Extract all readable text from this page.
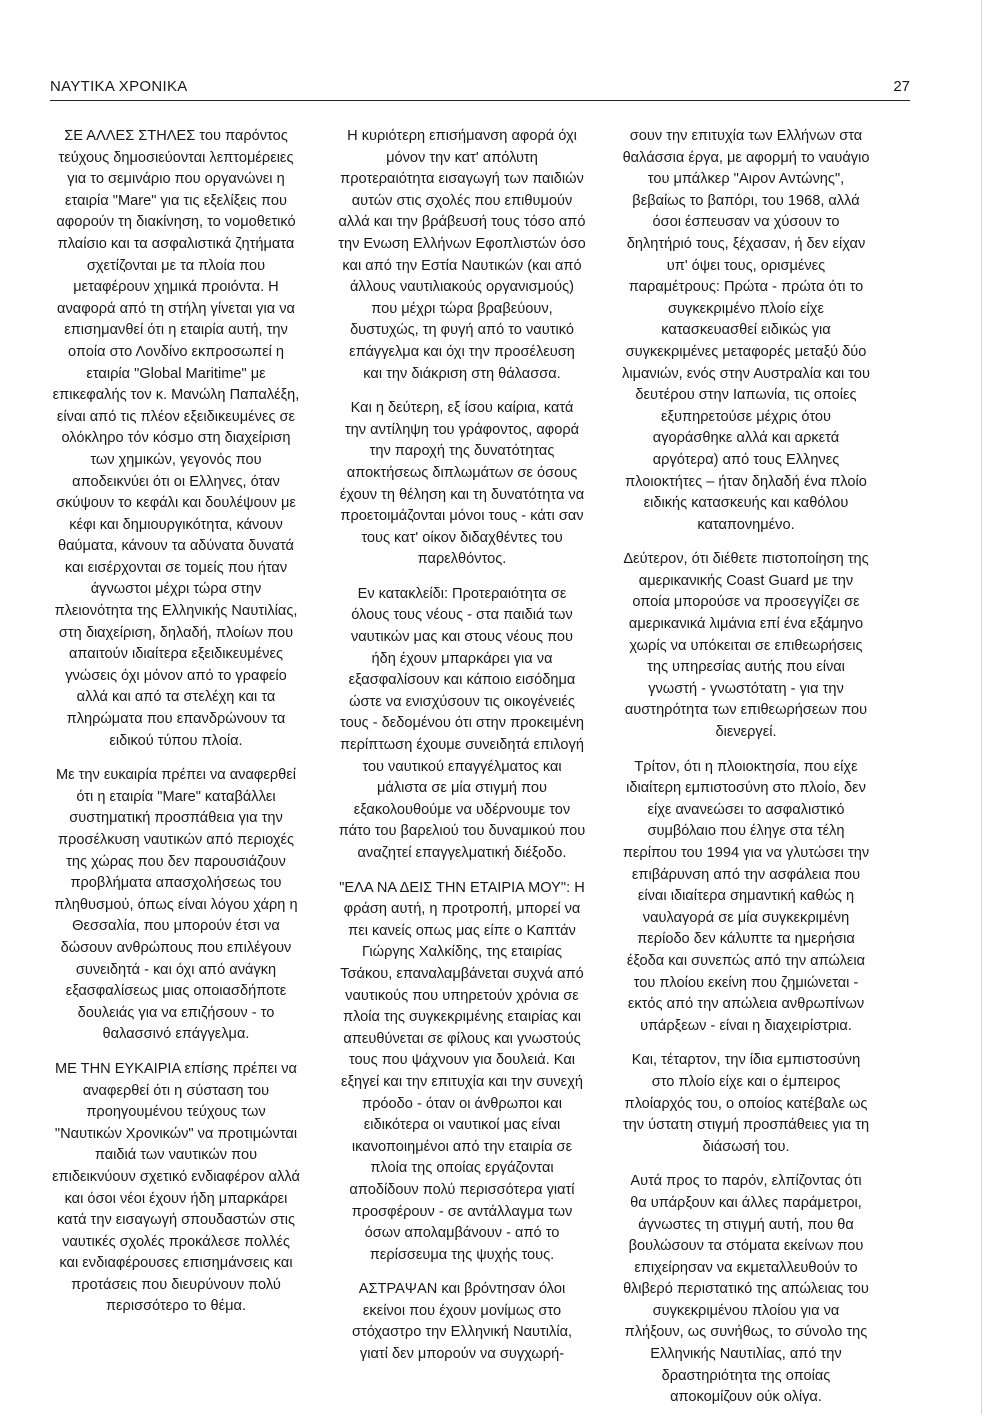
ΝΑΥΤΙΚΑ ΧΡΟΝΙΚΑ	27

ΣΕ ΑΛΛΕΣ ΣΤΗΛΕΣ του παρόντος τεύχους δημοσιεύονται λεπτομέρειες για το σεμινάριο που οργανώνει η εταιρία "Mare" για τις εξελίξεις που αφορούν τη διακίνηση, το νομοθετικό πλαίσιο και τα ασφαλιστικά ζητήματα σχετίζονται με τα πλοία που μεταφέρουν χημικά προιόντα. Η αναφορά από τη στήλη γίνεται για να επισημανθεί ότι η εταιρία αυτή, την οποία στο Λονδίνο εκπροσωπεί η εταιρία "Global Maritime" με επικεφαλής τον κ. Μανώλη Παπαλέξη, είναι από τις πλέον εξειδικευμένες σε ολόκληρο τόν κόσμο στη διαχείριση των χημικών, γεγονός που αποδεικνύει ότι οι Ελληνες, όταν σκύψουν το κεφάλι και δουλέψουν με κέφι και δημιουργικότητα, κάνουν θαύματα, κάνουν τα αδύνατα δυνατά και εισέρχονται σε τομείς που ήταν άγνωστοι μέχρι τώρα στην πλειονότητα της Ελληνικής Ναυτιλίας, στη διαχείριση, δηλαδή, πλοίων που απαιτούν ιδιαίτερα εξειδικευμένες γνώσεις όχι μόνον από το γραφείο αλλά και από τα στελέχη και τα πληρώματα που επανδρώνουν τα ειδικού τύπου πλοία.

Με την ευκαιρία πρέπει να αναφερθεί ότι η εταιρία "Mare" καταβάλλει συστηματική προσπάθεια για την προσέλκυση ναυτικών από περιοχές της χώρας που δεν παρουσιάζουν προβλήματα απασχολήσεως του πληθυσμού, όπως είναι λόγου χάρη η Θεσσαλία, που μπορούν έτσι να δώσουν ανθρώπους που επιλέγουν συνειδητά - και όχι από ανάγκη εξασφαλίσεως μιας οποιασδήποτε δουλειάς για να επιζήσουν - το θαλασσινό επάγγελμα.

ΜΕ ΤΗΝ ΕΥΚΑΙΡΙΑ επίσης πρέπει να αναφερθεί ότι η σύσταση του προηγουμένου τεύχους των "Ναυτικών Χρονικών" να προτιμώνται παιδιά των ναυτικών που επιδεικνύουν σχετικό ενδιαφέρον αλλά και όσοι νέοι έχουν ήδη μπαρκάρει κατά την εισαγωγή σπουδαστών στις ναυτικές σχολές προκάλεσε πολλές και ενδιαφέρουσες επισημάνσεις και προτάσεις που διευρύνουν πολύ περισσότερο το θέμα.

Η κυριότερη επισήμανση αφορά όχι μόνον την κατ' απόλυτη προτεραιότητα εισαγωγή των παιδιών αυτών στις σχολές που επιθυμούν αλλά και την βράβευσή τους τόσο από την Ενωση Ελλήνων Εφοπλιστών όσο και από την Εστία Ναυτικών (και από άλλους ναυτιλιακούς οργανισμούς) που μέχρι τώρα βραβεύουν, δυστυχώς, τη φυγή από το ναυτικό επάγγελμα και όχι την προσέλευση και την διάκριση στη θάλασσα.

Και η δεύτερη, εξ ίσου καίρια, κατά την αντίληψη του γράφοντος, αφορά την παροχή της δυνατότητας αποκτήσεως διπλωμάτων σε όσους έχουν τη θέληση και τη δυνατότητα να προετοιμάζονται μόνοι τους - κάτι σαν τους κατ' οίκον διδαχθέντες του παρελθόντος.

Εν κατακλείδι: Προτεραιότητα σε όλους τους νέους - στα παιδιά των ναυτικών μας και στους νέους που ήδη έχουν μπαρκάρει για να εξασφαλίσουν και κάποιο εισόδημα ώστε να ενισχύσουν τις οικογένειές τους - δεδομένου ότι στην προκειμένη περίπτωση έχουμε συνειδητά επιλογή του ναυτικού επαγγέλματος και μάλιστα σε μία στιγμή που εξακολουθούμε να υδέρνουμε τον πάτο του βαρελιού του δυναμικού που αναζητεί επαγγελματική διέξοδο.

"ΕΛΑ ΝΑ ΔΕΙΣ ΤΗΝ ΕΤΑΙΡΙΑ ΜΟΥ": Η φράση αυτή, η προτροπή, μπορεί να πει κανείς οπως μας είπε ο Καπτάν Γιώργης Χαλκίδης, της εταιρίας Τσάκου, επαναλαμβάνεται συχνά από ναυτικούς που υπηρετούν χρόνια σε πλοία της συγκεκριμένης εταιρίας και απευθύνεται σε φίλους και γνωστούς τους που ψάχνουν για δουλειά. Και εξηγεί και την επιτυχία και την συνεχή πρόοδο - όταν οι άνθρωποι και ειδικότερα οι ναυτικοί μας είναι ικανοποιημένοι από την εταιρία σε πλοία της οποίας εργάζονται αποδίδουν πολύ περισσότερα γιατί προσφέρουν - σε αντάλλαγμα των όσων απολαμβάνουν - από το περίσσευμα της ψυχής τους.

ΑΣΤΡΑΨΑΝ και βρόντησαν όλοι εκείνοι που έχουν μονίμως στο στόχαστρο την Ελληνική Ναυτιλία, γιατί δεν μπορούν να συγχωρή-

σουν την επιτυχία των Ελλήνων στα θαλάσσια έργα, με αφορμή το ναυάγιο του μπάλκερ "Αιρον Αντώνης", βεβαίως το βαπόρι, του 1968, αλλά όσοι έσπευσαν να χύσουν το δηλητήριό τους, ξέχασαν, ή δεν είχαν υπ' όψει τους, ορισμένες παραμέτρους: Πρώτα - πρώτα ότι το συγκεκριμένο πλοίο είχε κατασκευασθεί ειδικώς για συγκεκριμένες μεταφορές μεταξύ δύο λιμανιών, ενός στην Αυστραλία και του δευτέρου στην Ιαπωνία, τις οποίες εξυπηρετούσε μέχρις ότου αγοράσθηκε αλλά και αρκετά αργότερα) από τους Ελληνες πλοιοκτήτες – ήταν δηλαδή ένα πλοίο ειδικής κατασκευής και καθόλου καταπονημένο.

Δεύτερον, ότι διέθετε πιστοποίηση της αμερικανικής Coast Guard με την οποία μπορούσε να προσεγγίζει σε αμερικανικά λιμάνια επί ένα εξάμηνο χωρίς να υπόκειται σε επιθεωρήσεις της υπηρεσίας αυτής που είναι γνωστή - γνωστότατη - για την αυστηρότητα των επιθεωρήσεων που διενεργεί.

Τρίτον, ότι η πλοιοκτησία, που είχε ιδιαίτερη εμπιστοσύνη στο πλοίο, δεν είχε ανανεώσει το ασφαλιστικό συμβόλαιο που έληγε στα τέλη περίπου του 1994 για να γλυτώσει την επιβάρυνση από την ασφάλεια που είναι ιδιαίτερα σημαντική καθώς η ναυλαγορά σε μία συγκεκριμένη περίοδο δεν κάλυπτε τα ημερήσια έξοδα και συνεπώς από την απώλεια του πλοίου εκείνη που ζημιώνεται - εκτός από την απώλεια ανθρωπίνων υπάρξεων - είναι η διαχειρίστρια.

Και, τέταρτον, την ίδια εμπιστοσύνη στο πλοίο είχε και ο έμπειρος πλοίαρχός του, ο οποίος κατέβαλε ως την ύστατη στιγμή προσπάθειες για τη διάσωσή του.

Αυτά προς το παρόν, ελπίζοντας ότι θα υπάρξουν και άλλες παράμετροι, άγνωστες τη στιγμή αυτή, που θα βουλώσουν τα στόματα εκείνων που επιχείρησαν να εκμεταλλευθούν το θλιβερό περιστατικό της απώλειας του συγκεκριμένου πλοίου για να πλήξουν, ως συνήθως, το σύνολο της Ελληνικής Ναυτιλίας, από την δραστηριότητα της οποίας αποκομίζουν ούκ ολίγα.
